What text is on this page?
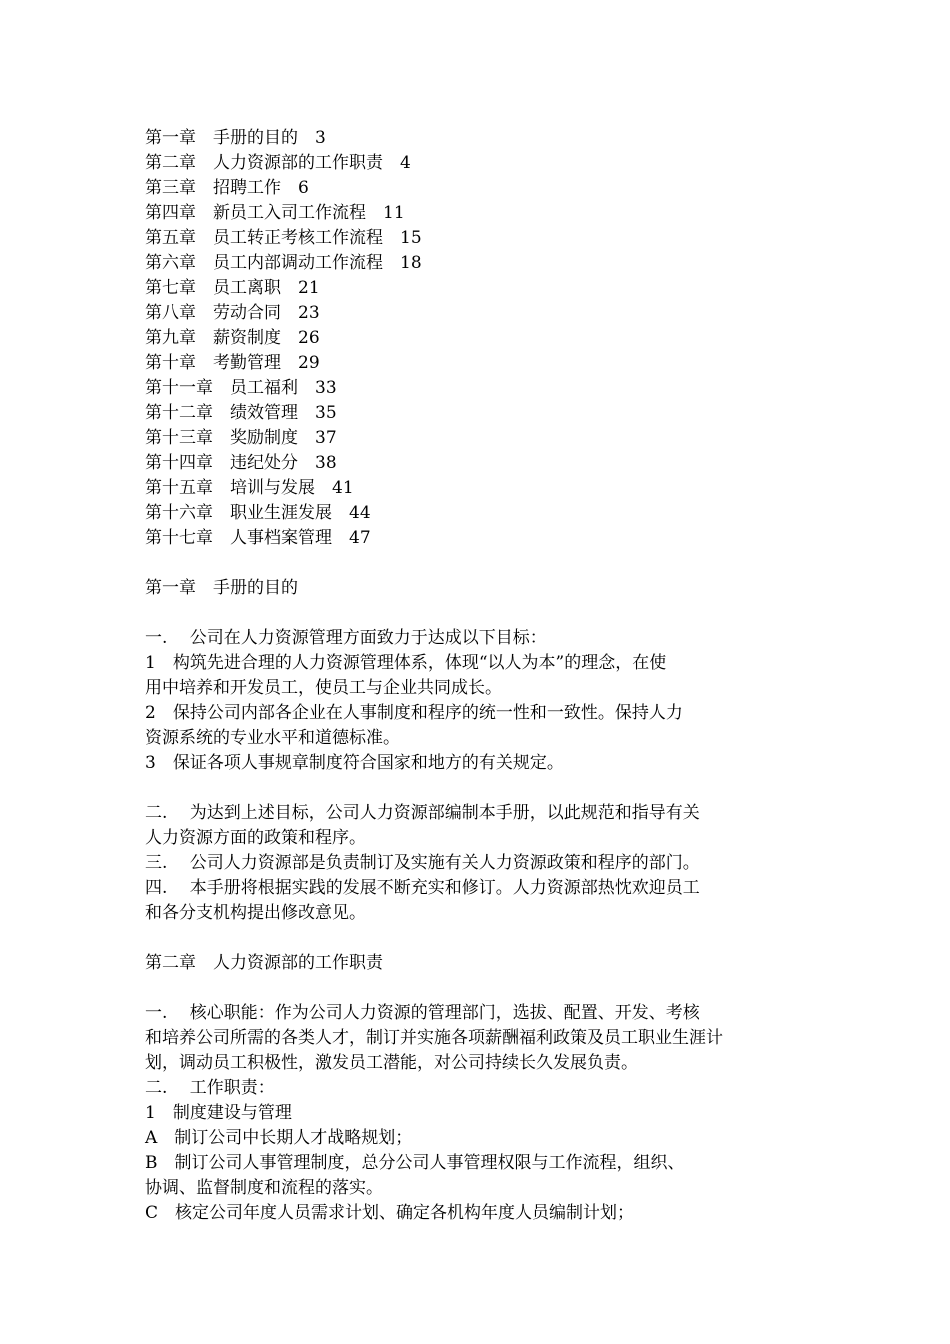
第一章　 手册的目的　 3
第二章　 人力资源部的工作职责　 4
第三章　 招聘工作　 6
第四章　 新员工入司工作流程　 11
第五章　 员工转正考核工作流程　 15
第六章　 员工内部调动工作流程　 18
第七章　 员工离职　 21
第八章　 劳动合同　 23
第九章　 薪资制度　 26
第十章　 考勤管理　 29
第十一章　 员工福利　 33
第十二章　 绩效管理　 35
第十三章　 奖励制度　 37
第十四章　 违纪处分　 38
第十五章　 培训与发展　 41
第十六章　 职业生涯发展　 44
第十七章　 人事档案管理　 47
第一章　手册的目的
一.　 公司在人力资源管理方面致力于达成以下目标：
1　构筑先进合理的人力资源管理体系，体现“以人为本”的理念，在使
用中培养和开发员工，使员工与企业共同成长。
2　保持公司内部各企业在人事制度和程序的统一性和一致性。保持人力
资源系统的专业水平和道德标准。
3　保证各项人事规章制度符合国家和地方的有关规定。
二.　 为达到上述目标，公司人力资源部编制本手册，以此规范和指导有关
人力资源方面的政策和程序。
三.　 公司人力资源部是负责制订及实施有关人力资源政策和程序的部门。
四.　 本手册将根据实践的发展不断充实和修订。人力资源部热忱欢迎员工
和各分支机构提出修改意见。
第二章　人力资源部的工作职责
一.　 核心职能：作为公司人力资源的管理部门，选拔、配置、开发、考核
和培养公司所需的各类人才，制订并实施各项薪酬福利政策及员工职业生涯计
划，调动员工积极性，激发员工潜能，对公司持续长久发展负责。
二.　 工作职责：
1　制度建设与管理
A　制订公司中长期人才战略规划；
B　制订公司人事管理制度，总分公司人事管理权限与工作流程，组织、
协调、监督制度和流程的落实。
C　核定公司年度人员需求计划、确定各机构年度人员编制计划；
